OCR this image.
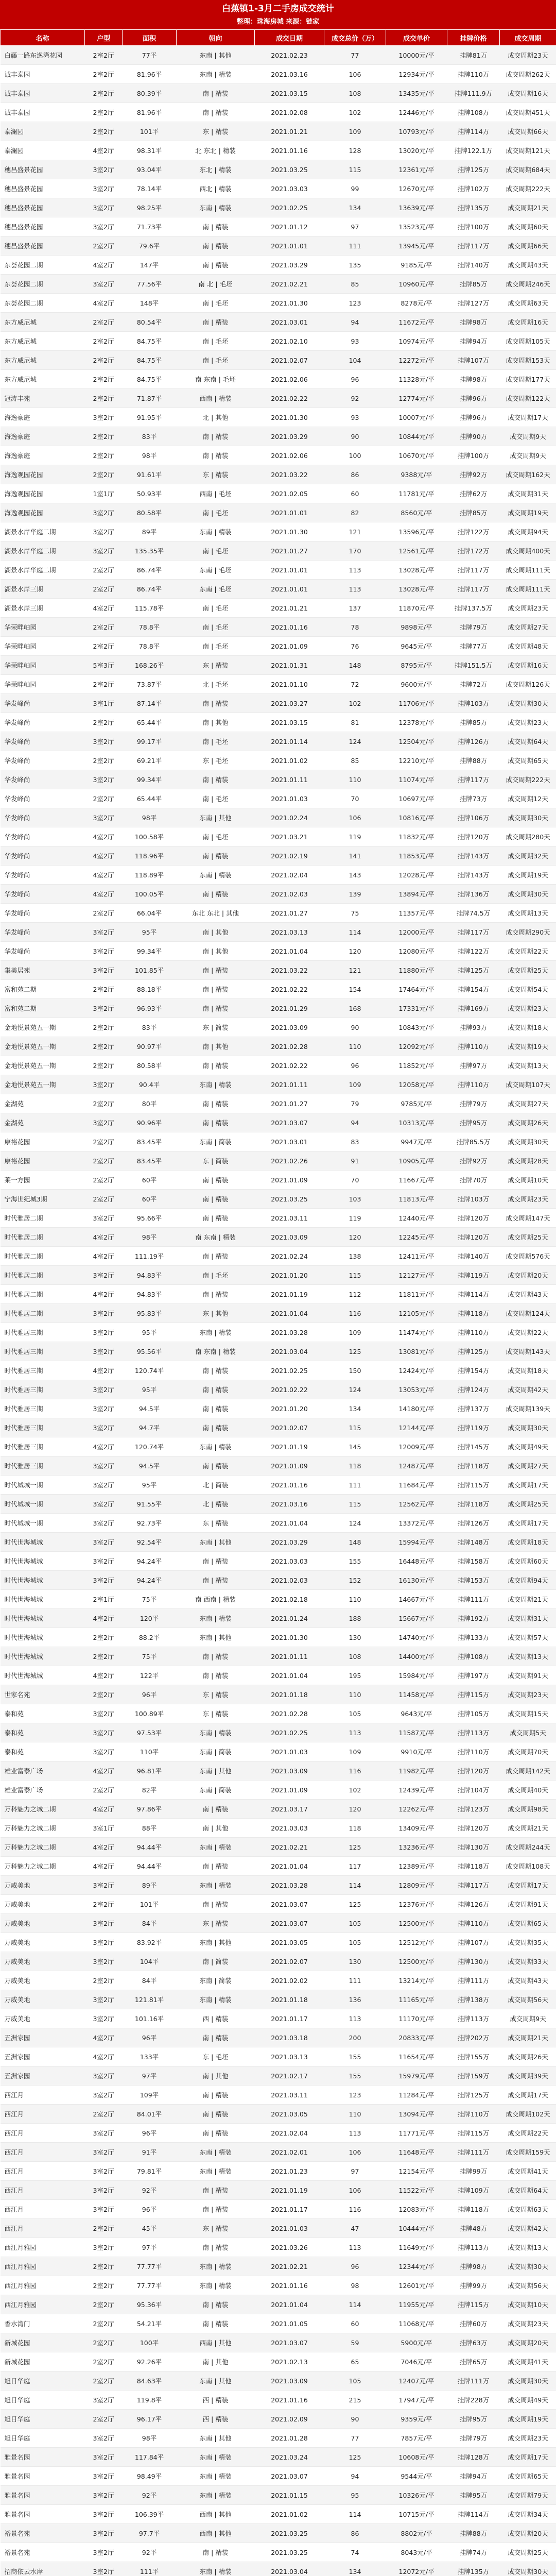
白蕉镇1-3月二手房成交统计
整理：珠海房城 来源：链家
名称	户型	面积	朝向	成交日期	成交总价（万）	成交单价	挂牌价格	成交周期
白藤一路东逸湾花园	2室2厅	77平	东南 | 其他	2021.02.23	77	10000元/平	挂牌81万	成交周期23天
诚丰泰园	2室2厅	81.96平	东南 | 精装	2021.03.16	106	12934元/平	挂牌110万	成交周期262天
诚丰泰园	2室2厅	80.39平	南 | 精装	2021.03.15	108	13435元/平	挂牌111.9万	成交周期16天
诚丰泰园	2室2厅	81.96平	南 | 精装	2021.02.08	102	12446元/平	挂牌108万	成交周期451天
泰澜园	2室2厅	101平	东 | 精装	2021.01.21	109	10793元/平	挂牌114万	成交周期66天
泰澜园	4室2厅	98.31平	北 东北 | 精装	2021.01.16	128	13020元/平	挂牌122.1万	成交周期121天
穗昌盛景花园	3室2厅	93.04平	东北 | 精装	2021.03.25	115	12361元/平	挂牌125万	成交周期684天
穗昌盛景花园	3室2厅	78.14平	西北 | 精装	2021.03.03	99	12670元/平	挂牌102万	成交周期222天
穗昌盛景花园	3室2厅	98.25平	东南 | 精装	2021.02.25	134	13639元/平	挂牌135万	成交周期21天
穗昌盛景花园	3室2厅	71.73平	南 | 精装	2021.01.12	97	13523元/平	挂牌100万	成交周期60天
穗昌盛景花园	2室2厅	79.6平	南 | 精装	2021.01.01	111	13945元/平	挂牌117万	成交周期66天
东荟花园二期	4室2厅	147平	南 | 精装	2021.03.29	135	9185元/平	挂牌140万	成交周期43天
东荟花园二期	3室2厅	77.56平	南 北 | 毛坯	2021.02.21	85	10960元/平	挂牌85万	成交周期246天
东荟花园二期	4室2厅	148平	南 | 毛坯	2021.01.30	123	8278元/平	挂牌127万	成交周期63天
东方威尼城	2室2厅	80.54平	南 | 精装	2021.03.01	94	11672元/平	挂牌98万	成交周期16天
东方威尼城	2室2厅	84.75平	南 | 毛坯	2021.02.10	93	10974元/平	挂牌94万	成交周期105天
东方威尼城	2室2厅	84.75平	南 | 毛坯	2021.02.07	104	12272元/平	挂牌107万	成交周期153天
东方威尼城	2室2厅	84.75平	南 东南 | 毛坯	2021.02.06	96	11328元/平	挂牌98万	成交周期177天
冠涛丰苑	2室2厅	71.87平	西南 | 精装	2021.02.22	92	12774元/平	挂牌96万	成交周期122天
海逸豪庭	3室2厅	91.95平	北 | 其他	2021.01.30	93	10007元/平	挂牌96万	成交周期17天
海逸豪庭	2室2厅	83平	南 | 精装	2021.03.29	90	10844元/平	挂牌90万	成交周期9天
海逸豪庭	2室2厅	98平	南 | 精装	2021.02.06	100	10670元/平	挂牌100万	成交周期9天
海逸观园花园	2室2厅	91.61平	东 | 精装	2021.03.22	86	9388元/平	挂牌92万	成交周期162天
海逸观园花园	1室1厅	50.93平	西南 | 毛坯	2021.02.05	60	11781元/平	挂牌62万	成交周期31天
海逸观园花园	3室2厅	80.58平	南 | 毛坯	2021.01.01	82	8560元/平	挂牌85万	成交周期19天
湖景水岸华庭二期	3室2厅	89平	东南 | 精装	2021.01.30	121	13596元/平	挂牌122万	成交周期94天
湖景水岸华庭二期	3室2厅	135.35平	南 | 毛坯	2021.01.27	170	12561元/平	挂牌172万	成交周期400天
湖景水岸华庭二期	2室2厅	86.74平	东南 | 毛坯	2021.01.01	113	13028元/平	挂牌117万	成交周期111天
湖景水岸三期	2室2厅	86.74平	东南 | 毛坯	2021.01.01	113	13028元/平	挂牌117万	成交周期111天
湖景水岸三期	4室2厅	115.78平	南 | 毛坯	2021.01.21	137	11870元/平	挂牌137.5万	成交周期23天
华荣畔岫园	2室2厅	78.8平	南 | 毛坯	2021.01.16	78	9898元/平	挂牌79万	成交周期27天
华荣畔岫园	2室2厅	78.8平	南 | 毛坯	2021.01.09	76	9645元/平	挂牌77万	成交周期48天
华荣畔岫园	5室3厅	168.26平	东 | 精装	2021.01.31	148	8795元/平	挂牌151.5万	成交周期16天
华荣畔岫园	2室2厅	73.87平	北 | 毛坯	2021.01.10	72	9600元/平	挂牌72万	成交周期126天
华发峰尚	3室1厅	87.14平	南 | 精装	2021.03.27	102	11706元/平	挂牌103万	成交周期30天
华发峰尚	2室2厅	65.44平	南 | 其他	2021.03.15	81	12378元/平	挂牌85万	成交周期23天
华发峰尚	3室2厅	99.17平	南 | 毛坯	2021.01.14	124	12504元/平	挂牌126万	成交周期64天
华发峰尚	2室2厅	69.21平	东 | 毛坯	2021.01.02	85	12210元/平	挂牌88万	成交周期65天
华发峰尚	3室2厅	99.34平	南 | 精装	2021.01.11	110	11074元/平	挂牌117万	成交周期222天
华发峰尚	2室2厅	65.44平	南 | 毛坯	2021.01.03	70	10697元/平	挂牌73万	成交周期12天
华发峰尚	3室2厅	98平	东南 | 其他	2021.02.24	106	10816元/平	挂牌106万	成交周期30天
华发峰尚	4室2厅	100.58平	南 | 毛坯	2021.03.21	119	11832元/平	挂牌120万	成交周期280天
华发峰尚	4室2厅	118.96平	南 | 精装	2021.02.19	141	11853元/平	挂牌143万	成交周期32天
华发峰尚	4室2厅	118.89平	东南 | 精装	2021.02.04	143	12028元/平	挂牌143万	成交周期19天
华发峰尚	4室2厅	100.05平	南 | 精装	2021.02.03	139	13894元/平	挂牌136万	成交周期30天
华发峰尚	2室2厅	66.04平	东北 东北 | 其他	2021.01.27	75	11357元/平	挂牌74.5万	成交周期13天
华发峰尚	3室2厅	95平	南 | 其他	2021.03.13	114	12000元/平	挂牌117万	成交周期290天
华发峰尚	3室2厅	99.34平	南 | 其他	2021.01.04	120	12080元/平	挂牌122万	成交周期22天
集美居苑	3室2厅	101.85平	南 | 精装	2021.03.22	121	11880元/平	挂牌125万	成交周期25天
富和苑二期	2室2厅	88.18平	南 | 精装	2021.02.22	154	17464元/平	挂牌154万	成交周期54天
富和苑二期	3室2厅	96.93平	南 | 精装	2021.01.29	168	17331元/平	挂牌169万	成交周期23天
金地悦景苑五一期	2室2厅	83平	东 | 简装	2021.03.09	90	10843元/平	挂牌93万	成交周期18天
金地悦景苑五一期	2室2厅	90.97平	南 | 其他	2021.02.28	110	12092元/平	挂牌110万	成交周期19天
金地悦景苑五一期	2室2厅	80.58平	南 | 精装	2021.02.22	96	11852元/平	挂牌97万	成交周期13天
金地悦景苑五一期	3室2厅	90.4平	东南 | 精装	2021.01.11	109	12058元/平	挂牌110万	成交周期107天
金湖苑	2室2厅	80平	南 | 精装	2021.01.27	79	9785元/平	挂牌79万	成交周期27天
金湖苑	3室2厅	90.96平	南 | 精装	2021.03.07	94	10313元/平	挂牌95万	成交周期26天
康裕花园	2室2厅	83.45平	东南 | 简装	2021.03.01	83	9947元/平	挂牌85.5万	成交周期30天
康裕花园	2室2厅	83.45平	东 | 简装	2021.02.26	91	10905元/平	挂牌92万	成交周期28天
莱一方园	2室2厅	60平	南 | 精装	2021.01.09	70	11667元/平	挂牌70万	成交周期10天
宁海世纪城3期	2室2厅	60平	南 | 精装	2021.03.25	103	11813元/平	挂牌103万	成交周期23天
时代雅居二期	3室2厅	95.66平	南 | 精装	2021.03.11	119	12440元/平	挂牌120万	成交周期147天
时代雅居二期	4室2厅	98平	南 东南 | 精装	2021.03.09	120	12245元/平	挂牌120万	成交周期25天
时代雅居二期	4室2厅	111.19平	南 | 精装	2021.02.24	138	12411元/平	挂牌140万	成交周期576天
时代雅居二期	3室2厅	94.83平	南 | 毛坯	2021.01.20	115	12127元/平	挂牌119万	成交周期20天
时代雅居二期	4室2厅	94.83平	南 | 精装	2021.01.19	112	11811元/平	挂牌114万	成交周期43天
时代雅居二期	3室2厅	95.83平	东 | 其他	2021.01.04	116	12105元/平	挂牌118万	成交周期124天
时代雅居三期	3室2厅	95平	东南 | 精装	2021.03.28	109	11474元/平	挂牌110万	成交周期22天
时代雅居三期	3室2厅	95.56平	南 东南 | 精装	2021.03.04	125	13081元/平	挂牌125万	成交周期143天
时代雅居三期	4室2厅	120.74平	南 | 精装	2021.02.25	150	12424元/平	挂牌154万	成交周期18天
时代雅居三期	3室2厅	95平	南 | 精装	2021.02.22	124	13053元/平	挂牌124万	成交周期42天
时代雅居三期	3室2厅	94.5平	南 | 精装	2021.01.20	134	14180元/平	挂牌137万	成交周期139天
时代雅居三期	3室2厅	94.7平	南 | 精装	2021.02.07	115	12144元/平	挂牌119万	成交周期30天
时代雅居三期	4室2厅	120.74平	东南 | 精装	2021.01.19	145	12009元/平	挂牌145万	成交周期49天
时代雅居三期	3室2厅	94.5平	南 | 精装	2021.01.09	118	12487元/平	挂牌118万	成交周期27天
时代城城一期	3室2厅	95平	北 | 简装	2021.01.16	111	11684元/平	挂牌115万	成交周期17天
时代城城一期	3室2厅	91.55平	北 | 精装	2021.03.16	115	12562元/平	挂牌118万	成交周期25天
时代城城一期	3室2厅	92.73平	东 | 精装	2021.01.04	124	13372元/平	挂牌126万	成交周期17天
时代世海城城	3室2厅	92.54平	东南 | 其他	2021.03.29	148	15994元/平	挂牌148万	成交周期18天
时代世海城城	3室2厅	94.24平	南 | 精装	2021.03.03	155	16448元/平	挂牌158万	成交周期60天
时代世海城城	3室2厅	94.24平	南 | 精装	2021.02.03	152	16130元/平	挂牌153万	成交周期94天
时代世海城城	2室1厅	75平	南 西南 | 精装	2021.02.18	110	14667元/平	挂牌111万	成交周期21天
时代世海城城	4室2厅	120平	东南 | 精装	2021.01.24	188	15667元/平	挂牌192万	成交周期31天
时代世海城城	2室2厅	88.2平	东南 | 其他	2021.01.30	130	14740元/平	挂牌133万	成交周期57天
时代世海城城	2室2厅	75平	南 | 精装	2021.01.11	108	14400元/平	挂牌108万	成交周期13天
时代世海城城	4室2厅	122平	南 | 精装	2021.01.04	195	15984元/平	挂牌197万	成交周期91天
世家名苑	2室2厅	96平	东 | 精装	2021.01.18	110	11458元/平	挂牌115万	成交周期23天
泰和苑	3室2厅	100.89平	东 | 精装	2021.02.28	105	9643元/平	挂牌105万	成交周期15天
泰和苑	3室2厅	97.53平	东南 | 精装	2021.02.25	113	11587元/平	挂牌113万	成交周期5天
泰和苑	3室2厅	110平	东南 | 简装	2021.01.03	109	9910元/平	挂牌110万	成交周期70天
雄业富泰广场	4室2厅	96.81平	东南 | 其他	2021.03.09	116	11982元/平	挂牌120万	成交周期142天
雄业富泰广场	2室2厅	82平	东南 | 简装	2021.01.09	102	12439元/平	挂牌104万	成交周期40天
万科魅力之城二期	4室2厅	97.86平	南 | 精装	2021.03.17	120	12262元/平	挂牌123万	成交周期98天
万科魅力之城二期	3室1厅	88平	南 | 其他	2021.03.03	118	13409元/平	挂牌120万	成交周期21天
万科魅力之城二期	4室2厅	94.44平	东南 | 精装	2021.02.21	125	13236元/平	挂牌130万	成交周期244天
万科魅力之城二期	4室2厅	94.44平	南 | 精装	2021.01.04	117	12389元/平	挂牌118万	成交周期108天
万威美地	3室2厅	89平	东南 | 精装	2021.03.28	114	12809元/平	挂牌117万	成交周期17天
万威美地	2室2厅	101平	南 | 精装	2021.03.07	125	12376元/平	挂牌126万	成交周期91天
万威美地	3室2厅	84平	东 | 精装	2021.03.07	105	12500元/平	挂牌110万	成交周期65天
万威美地	3室2厅	83.92平	东南 | 其他	2021.03.05	105	12512元/平	挂牌107万	成交周期35天
万威美地	3室2厅	104平	南 | 简装	2021.02.07	130	12500元/平	挂牌130万	成交周期33天
万威美地	2室2厅	84平	东南 | 简装	2021.02.02	111	13214元/平	挂牌111万	成交周期43天
万威美地	3室2厅	121.81平	东南 | 精装	2021.01.18	136	11165元/平	挂牌138万	成交周期56天
万威美地	3室2厅	101.16平	西 | 精装	2021.01.17	113	11170元/平	挂牌113万	成交周期9天
五洲家园	4室2厅	96平	南 | 精装	2021.03.18	200	20833元/平	挂牌202万	成交周期21天
五洲家园	4室2厅	133平	东 | 毛坯	2021.03.13	155	11654元/平	挂牌155万	成交周期26天
五洲家园	3室2厅	97平	南 | 其他	2021.02.17	155	15979元/平	挂牌159万	成交周期39天
西江月	3室2厅	109平	南 | 精装	2021.03.11	123	11284元/平	挂牌125万	成交周期17天
西江月	2室2厅	84.01平	南 | 精装	2021.03.05	110	13094元/平	挂牌110万	成交周期102天
西江月	3室2厅	96平	南 | 精装	2021.02.04	113	11771元/平	挂牌115万	成交周期22天
西江月	3室2厅	91平	东南 | 精装	2021.02.01	106	11648元/平	挂牌111万	成交周期159天
西江月	3室2厅	79.81平	东南 | 精装	2021.01.23	97	12154元/平	挂牌99万	成交周期41天
西江月	3室2厅	92平	南 | 精装	2021.01.19	106	11522元/平	挂牌109万	成交周期64天
西江月	3室2厅	96平	南 | 精装	2021.01.17	116	12083元/平	挂牌118万	成交周期63天
西江月	2室2厅	45平	东 | 精装	2021.01.03	47	10444元/平	挂牌48万	成交周期42天
西江月雅园	3室2厅	97平	南 | 精装	2021.03.26	113	11649元/平	挂牌113万	成交周期13天
西江月雅园	2室2厅	77.77平	东南 | 精装	2021.02.21	96	12344元/平	挂牌98万	成交周期30天
西江月雅园	2室2厅	77.77平	东南 | 精装	2021.01.16	98	12601元/平	挂牌99万	成交周期56天
西江月雅园	2室2厅	95.36平	南 | 精装	2021.01.04	114	11955元/平	挂牌115万	成交周期10天
香水湾门	2室2厅	54.21平	南 | 精装	2021.01.05	60	11068元/平	挂牌60万	成交周期23天
新城花园	2室2厅	100平	西南 | 其他	2021.03.07	59	5900元/平	挂牌63万	成交周期20天
新城花园	2室2厅	92.26平	南 | 其他	2021.02.13	65	7046元/平	挂牌65万	成交周期41天
旭日华庭	2室2厅	84.63平	东南 | 其他	2021.03.09	105	12407元/平	挂牌111万	成交周期30天
旭日华庭	3室2厅	119.8平	西 | 精装	2021.01.16	215	17947元/平	挂牌228万	成交周期49天
旭日华庭	2室2厅	96.17平	西 | 精装	2021.02.09	90	9359元/平	挂牌95万	成交周期19天
旭日华庭	3室2厅	98平	东南 | 其他	2021.01.28	77	7857元/平	挂牌79万	成交周期23天
雅景名园	3室2厅	117.84平	东南 | 精装	2021.03.24	125	10608元/平	挂牌128万	成交周期17天
雅景名园	3室2厅	98.49平	东南 | 精装	2021.03.07	94	9544元/平	挂牌94万	成交周期65天
雅景名园	3室2厅	92平	东南 | 精装	2021.01.15	95	10326元/平	挂牌95万	成交周期79天
雅景名园	3室2厅	106.39平	西南 | 其他	2021.01.02	114	10715元/平	挂牌114万	成交周期34天
裕景名苑	3室2厅	97.7平	西南 | 其他	2021.03.25	86	8802元/平	挂牌88万	成交周期20天
裕景名苑	3室2厅	92平	南 | 精装	2021.03.25	74	8043元/平	挂牌74万	成交周期25天
招商依云水岸	3室2厅	111平	东南 | 精装	2021.03.04	134	12072元/平	挂牌135万	成交周期30天
